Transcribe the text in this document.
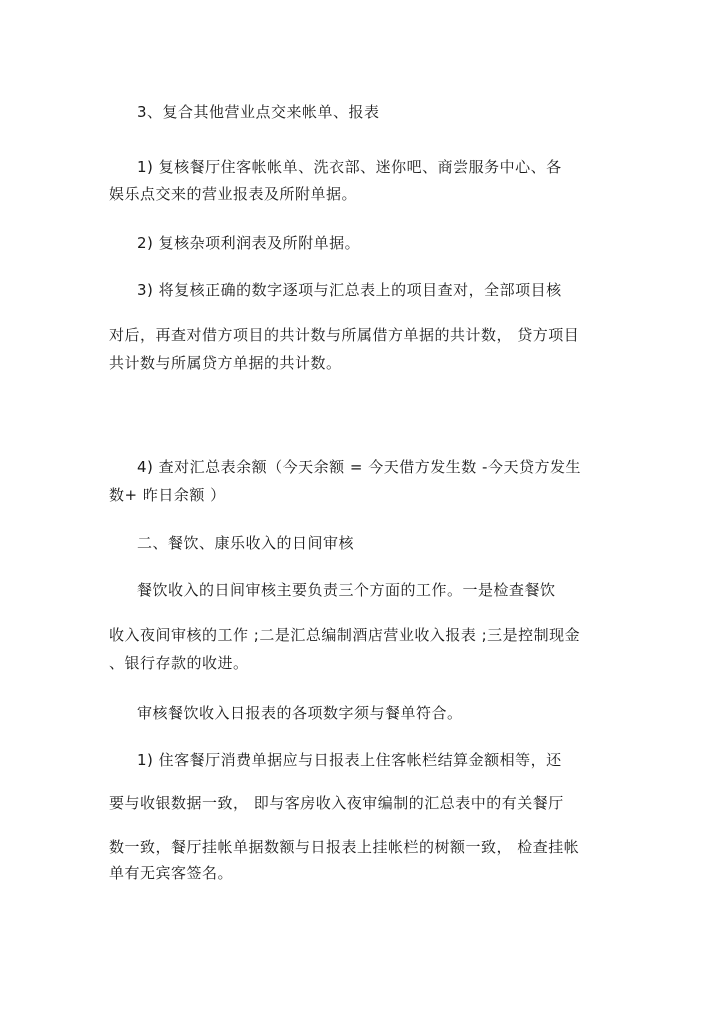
3、复合其他营业点交来帐单、报表
1) 复核餐厅住客帐帐单、洗衣部、迷你吧、商尝服务中心、各
娱乐点交来的营业报表及所附单据。
2) 复核杂项利润表及所附单据。
3) 将复核正确的数字逐项与汇总表上的项目查对，全部项目核
对后，再查对借方项目的共计数与所属借方单据的共计数， 贷方项目
共计数与所属贷方单据的共计数。
4) 查对汇总表余额（今天余额 = 今天借方发生数 -今天贷方发生
数+ 昨日余额 ）
二、餐饮、康乐收入的日间审核
餐饮收入的日间审核主要负责三个方面的工作。一是检查餐饮
收入夜间审核的工作 ;二是汇总编制酒店营业收入报表 ;三是控制现金
、银行存款的收进。
审核餐饮收入日报表的各项数字须与餐单符合。
1) 住客餐厅消费单据应与日报表上住客帐栏结算金额相等，还
要与收银数据一致， 即与客房收入夜审编制的汇总表中的有关餐厅
数一致，餐厅挂帐单据数额与日报表上挂帐栏的树额一致， 检查挂帐
单有无宾客签名。
